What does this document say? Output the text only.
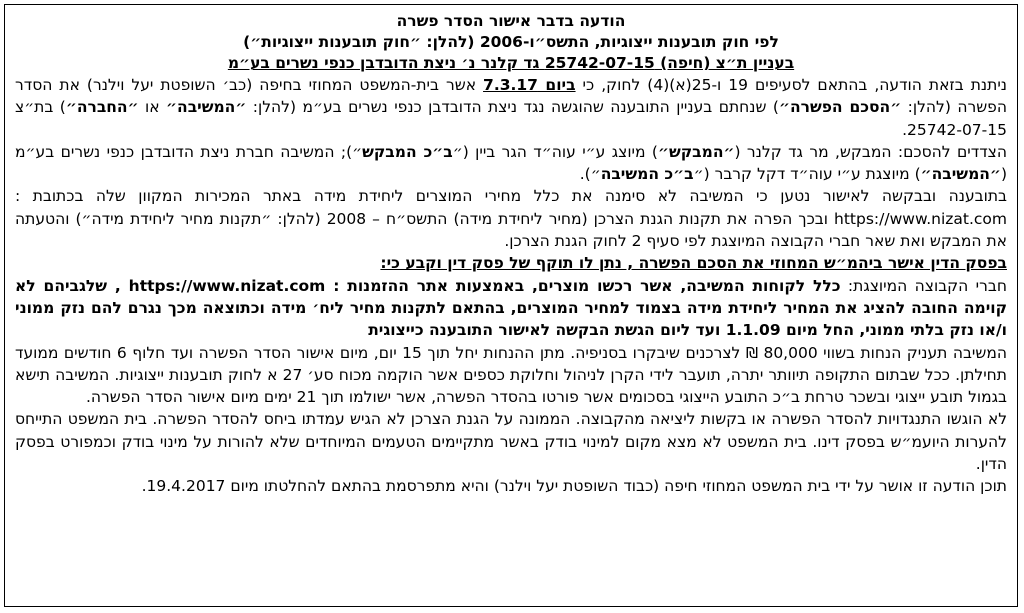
הודעה בדבר אישור הסדר פשרה
לפי חוק תובענות ייצוגיות, התשס״ו-2006 (להלן: ״חוק תובענות ייצוגיות״)
בעניין ת״צ (חיפה) 25742-07-15 גד קלנר נ׳ ניצת הדובדבן כנפי נשרים בע״מ

ניתנת בזאת הודעה, בהתאם לסעיפים 19 ו-25(א)(4) לחוק, כי ביום 7.3.17 אשר בית-המשפט המחוזי בחיפה (כב׳ השופטת יעל וילנר) את הסדר הפשרה (להלן: ״הסכם הפשרה״) שנחתם בעניין התובענה שהוגשה נגד ניצת הדובדבן כנפי נשרים בע״מ (להלן: ״המשיבה״ או ״החברה״) בת״צ 25742-07-15.

הצדדים להסכם: המבקש, מר גד קלנר (״המבקש״) מיוצג ע״י עוה״ד הגר ביין (״ב״כ המבקש״); המשיבה חברת ניצת הדובדבן כנפי נשרים בע״מ (״המשיבה״) מיוצגת ע״י עוה״ד דקל קרבר (״ב״כ המשיבה״).

בתובענה ובבקשה לאישור נטען כי המשיבה לא סימנה את כלל מחירי המוצרים ליחידת מידה באתר המכירות המקוון שלה בכתובת : https://www.nizat.com ובכך הפרה את תקנות הגנת הצרכן (מחיר ליחידת מידה) התשס״ח – 2008 (להלן: ״תקנות מחיר ליחידת מידה״) והטעתה את המבקש ואת שאר חברי הקבוצה המיוצגת לפי סעיף 2 לחוק הגנת הצרכן.

בפסק הדין אישר ביהמ״ש המחוזי את הסכם הפשרה , נתן לו תוקף של פסק דין וקבע כי:
חברי הקבוצה המיוצגת: כלל לקוחות המשיבה, אשר רכשו מוצרים, באמצעות אתר ההזמנות : https://www.nizat.com , שלגביהם לא קוימה החובה להציג את המחיר ליחידת מידה בצמוד למחיר המוצרים, בהתאם לתקנות מחיר ליח׳ מידה וכתוצאה מכך נגרם להם נזק ממוני ו/או נזק בלתי ממוני, החל מיום 1.1.09 ועד ליום הגשת הבקשה לאישור התובענה כייצוגית

המשיבה תעניק הנחות בשווי 80,000 ₪ לצרכנים שיבקרו בסניפיה. מתן ההנחות יחל תוך 15 יום, מיום אישור הסדר הפשרה ועד חלוף 6 חודשים ממועד תחילתן. ככל שבתום התקופה תיוותר יתרה, תועבר לידי הקרן לניהול וחלוקת כספים אשר הוקמה מכוח סע׳ 27 א לחוק תובענות ייצוגיות. המשיבה תישא בגמול תובע ייצוגי ובשכר טרחת ב״כ התובע הייצוגי בסכומים אשר פורטו בהסדר הפשרה, אשר ישולמו תוך 21 ימים מיום אישור הסדר הפשרה.

לא הוגשו התנגדויות להסדר הפשרה או בקשות ליציאה מהקבוצה. הממונה על הגנת הצרכן לא הגיש עמדתו ביחס להסדר הפשרה. בית המשפט התייחס להערות היועמ״ש בפסק דינו. בית המשפט לא מצא מקום למינוי בודק באשר מתקיימים הטעמים המיוחדים שלא להורות על מינוי בודק וכמפורט בפסק הדין.

תוכן הודעה זו אושר על ידי בית המשפט המחוזי חיפה (כבוד השופטת יעל וילנר) והיא מתפרסמת בהתאם להחלטתו מיום 19.4.2017.
